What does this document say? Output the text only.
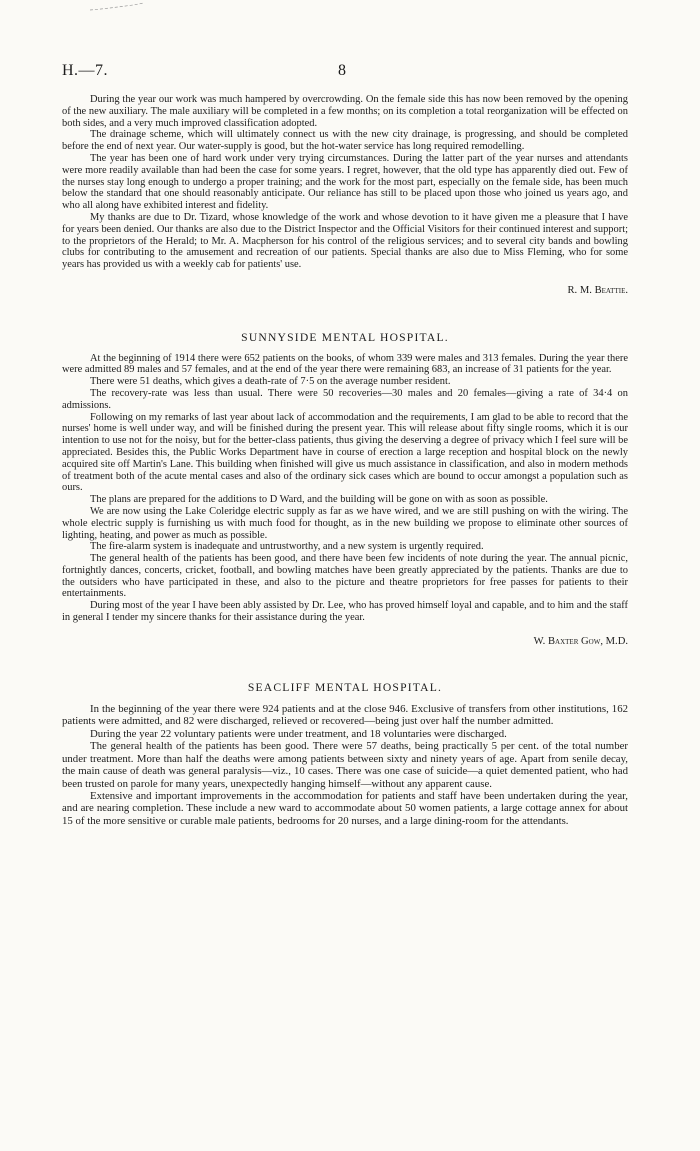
H.—7.	8

During the year our work was much hampered by overcrowding. On the female side this has now been removed by the opening of the new auxiliary. The male auxiliary will be completed in a few months; on its completion a total reorganization will be effected on both sides, and a very much improved classification adopted.

The drainage scheme, which will ultimately connect us with the new city drainage, is progressing, and should be completed before the end of next year. Our water-supply is good, but the hot-water service has long required remodelling.

The year has been one of hard work under very trying circumstances. During the latter part of the year nurses and attendants were more readily available than had been the case for some years. I regret, however, that the old type has apparently died out. Few of the nurses stay long enough to undergo a proper training; and the work for the most part, especially on the female side, has been much below the standard that one should reasonably anticipate. Our reliance has still to be placed upon those who joined us years ago, and who all along have exhibited interest and fidelity.

My thanks are due to Dr. Tizard, whose knowledge of the work and whose devotion to it have given me a pleasure that I have for years been denied. Our thanks are also due to the District Inspector and the Official Visitors for their continued interest and support; to the proprietors of the Herald; to Mr. A. Macpherson for his control of the religious services; and to several city bands and bowling clubs for contributing to the amusement and recreation of our patients. Special thanks are also due to Miss Fleming, who for some years has provided us with a weekly cab for patients' use.

R. M. Beattie.
SUNNYSIDE MENTAL HOSPITAL.

At the beginning of 1914 there were 652 patients on the books, of whom 339 were males and 313 females. During the year there were admitted 89 males and 57 females, and at the end of the year there were remaining 683, an increase of 31 patients for the year.

There were 51 deaths, which gives a death-rate of 7·5 on the average number resident.

The recovery-rate was less than usual. There were 50 recoveries—30 males and 20 females—giving a rate of 34·4 on admissions.

Following on my remarks of last year about lack of accommodation and the requirements, I am glad to be able to record that the nurses' home is well under way, and will be finished during the present year. This will release about fifty single rooms, which it is our intention to use not for the noisy, but for the better-class patients, thus giving the deserving a degree of privacy which I feel sure will be appreciated. Besides this, the Public Works Department have in course of erection a large reception and hospital block on the newly acquired site off Martin's Lane. This building when finished will give us much assistance in classification, and also in modern methods of treatment both of the acute mental cases and also of the ordinary sick cases which are bound to occur amongst a population such as ours.

The plans are prepared for the additions to D Ward, and the building will be gone on with as soon as possible.

We are now using the Lake Coleridge electric supply as far as we have wired, and we are still pushing on with the wiring. The whole electric supply is furnishing us with much food for thought, as in the new building we propose to eliminate other sources of lighting, heating, and power as much as possible.

The fire-alarm system is inadequate and untrustworthy, and a new system is urgently required.

The general health of the patients has been good, and there have been few incidents of note during the year. The annual picnic, fortnightly dances, concerts, cricket, football, and bowling matches have been greatly appreciated by the patients. Thanks are due to the outsiders who have participated in these, and also to the picture and theatre proprietors for free passes for patients to their entertainments.

During most of the year I have been ably assisted by Dr. Lee, who has proved himself loyal and capable, and to him and the staff in general I tender my sincere thanks for their assistance during the year.

W. Baxter Gow, M.D.
SEACLIFF MENTAL HOSPITAL.

In the beginning of the year there were 924 patients and at the close 946. Exclusive of transfers from other institutions, 162 patients were admitted, and 82 were discharged, relieved or recovered—being just over half the number admitted.

During the year 22 voluntary patients were under treatment, and 18 voluntaries were discharged.

The general health of the patients has been good. There were 57 deaths, being practically 5 per cent. of the total number under treatment. More than half the deaths were among patients between sixty and ninety years of age. Apart from senile decay, the main cause of death was general paralysis—viz., 10 cases. There was one case of suicide—a quiet demented patient, who had been trusted on parole for many years, unexpectedly hanging himself—without any apparent cause.

Extensive and important improvements in the accommodation for patients and staff have been undertaken during the year, and are nearing completion. These include a new ward to accommodate about 50 women patients, a large cottage annex for about 15 of the more sensitive or curable male patients, bedrooms for 20 nurses, and a large dining-room for the attendants.
